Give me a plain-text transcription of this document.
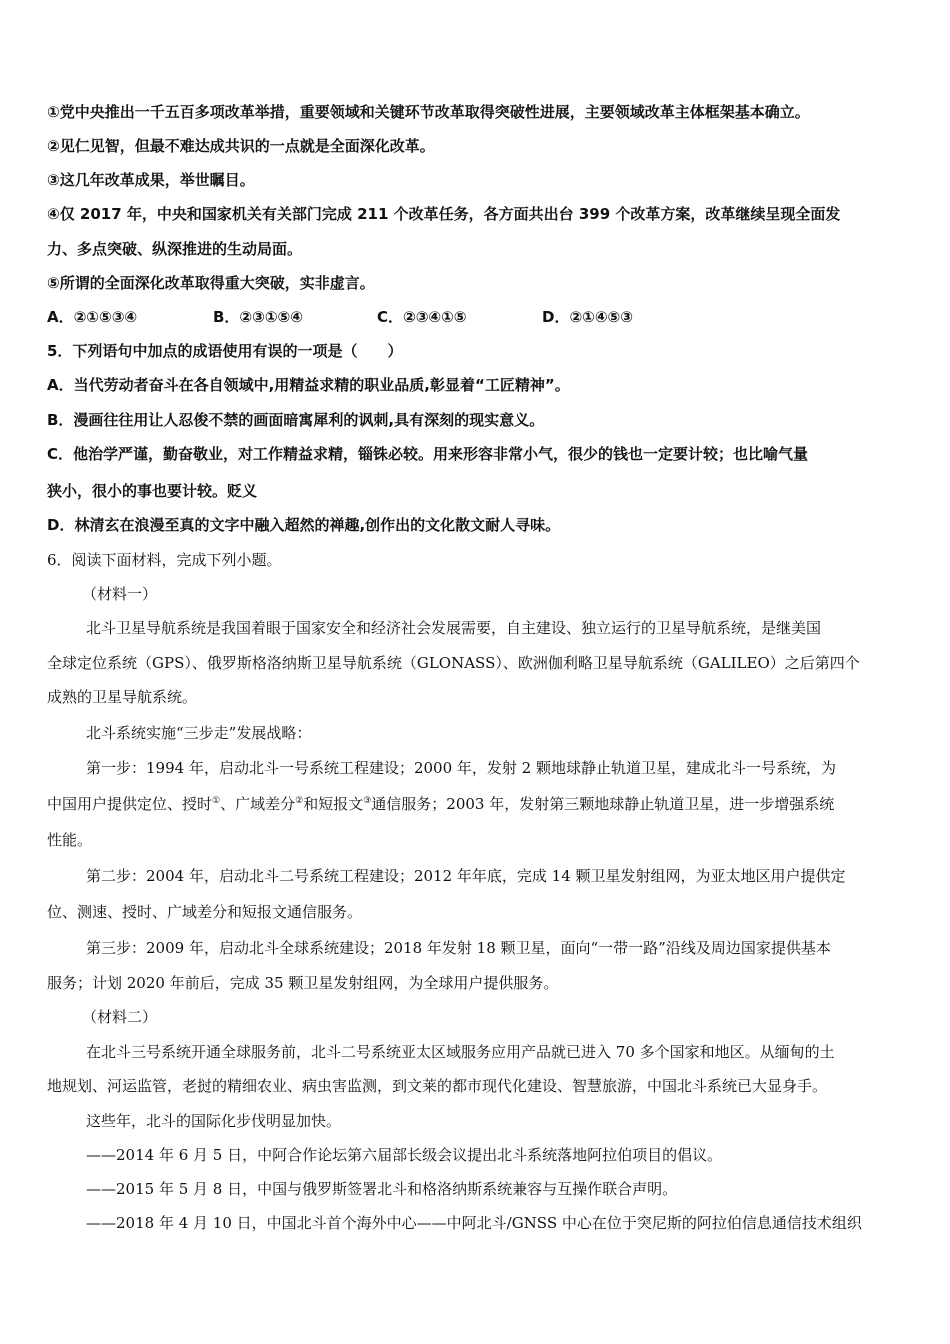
①党中央推出一千五百多项改革举措，重要领域和关键环节改革取得突破性进展，主要领域改革主体框架基本确立。
②见仁见智，但最不难达成共识的一点就是全面深化改革。
③这几年改革成果，举世瞩目。
④仅 2017 年，中央和国家机关有关部门完成 211 个改革任务，各方面共出台 399 个改革方案，改革继续呈现全面发
力、多点突破、纵深推进的生动局面。
⑤所谓的全面深化改革取得重大突破，实非虚言。
A．②①⑤③④	B．②③①⑤④	C．②③④①⑤	D．②①④⑤③
5．下列语句中加点的成语使用有误的一项是（　　）
A．当代劳动者奋斗在各自领域中,用精益求精的职业品质,彰显着“工匠精神”。
B．漫画往往用让人忍俊不禁的画面暗寓犀利的讽刺,具有深刻的现实意义。
C．他治学严谨，勤奋敬业，对工作精益求精，锱铢必较。用来形容非常小气，很少的钱也一定要计较；也比喻气量
狭小，很小的事也要计较。贬义
D．林清玄在浪漫至真的文字中融入超然的禅趣,创作出的文化散文耐人寻味。
6．阅读下面材料，完成下列小题。
（材料一）
北斗卫星导航系统是我国着眼于国家安全和经济社会发展需要，自主建设、独立运行的卫星导航系统，是继美国
全球定位系统（GPS）、俄罗斯格洛纳斯卫星导航系统（GLONASS）、欧洲伽利略卫星导航系统（GALILEO）之后第四个
成熟的卫星导航系统。
北斗系统实施“三步走”发展战略：
第一步：1994 年，启动北斗一号系统工程建设；2000 年，发射 2 颗地球静止轨道卫星，建成北斗一号系统，为
中国用户提供定位、授时①、广域差分②和短报文③通信服务；2003 年，发射第三颗地球静止轨道卫星，进一步增强系统
性能。
第二步：2004 年，启动北斗二号系统工程建设；2012 年年底，完成 14 颗卫星发射组网，为亚太地区用户提供定
位、测速、授时、广域差分和短报文通信服务。
第三步：2009 年，启动北斗全球系统建设；2018 年发射 18 颗卫星，面向“一带一路”沿线及周边国家提供基本
服务；计划 2020 年前后，完成 35 颗卫星发射组网，为全球用户提供服务。
（材料二）
在北斗三号系统开通全球服务前，北斗二号系统亚太区域服务应用产品就已进入 70 多个国家和地区。从缅甸的土
地规划、河运监管，老挝的精细农业、病虫害监测，到文莱的都市现代化建设、智慧旅游，中国北斗系统已大显身手。
这些年，北斗的国际化步伐明显加快。
——2014 年 6 月 5 日，中阿合作论坛第六届部长级会议提出北斗系统落地阿拉伯项目的倡议。
——2015 年 5 月 8 日，中国与俄罗斯签署北斗和格洛纳斯系统兼容与互操作联合声明。
——2018 年 4 月 10 日，中国北斗首个海外中心——中阿北斗/GNSS 中心在位于突尼斯的阿拉伯信息通信技术组织
